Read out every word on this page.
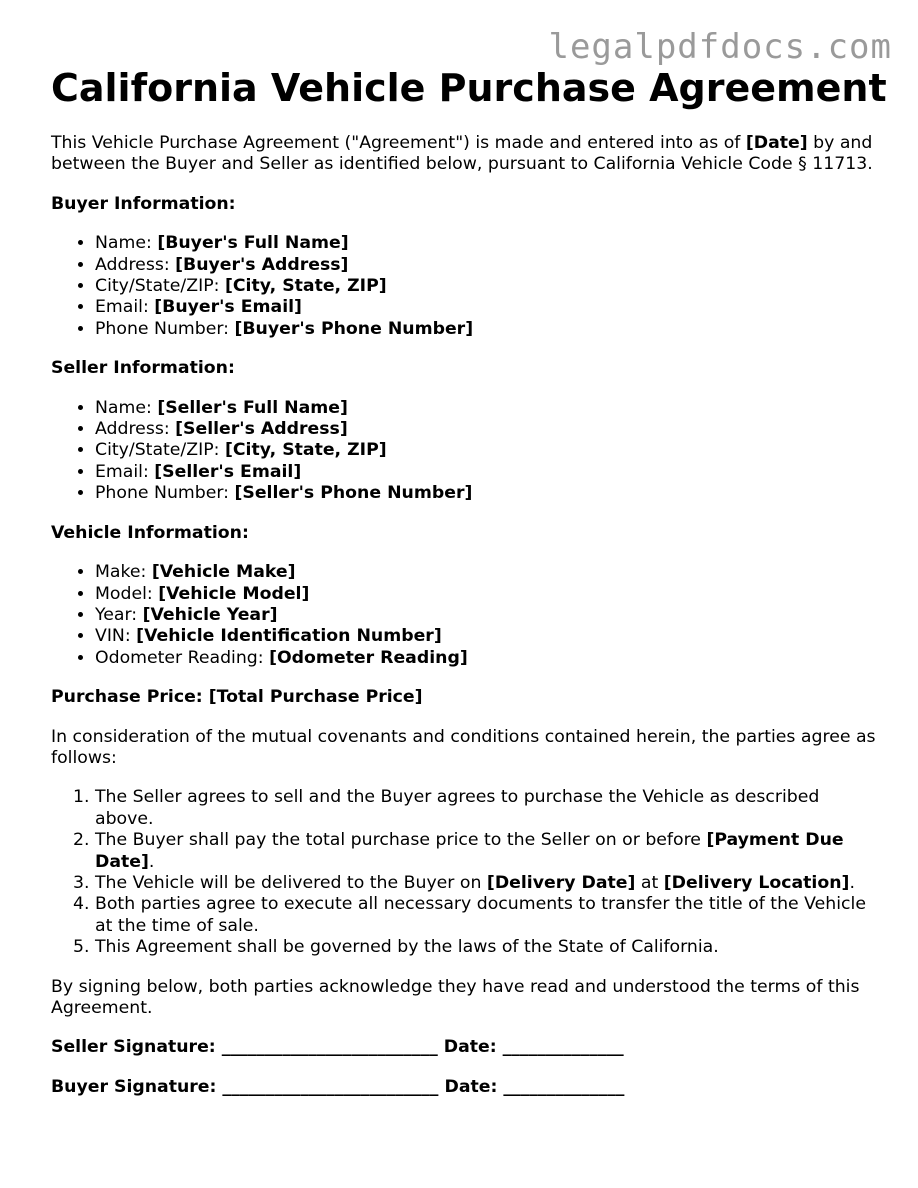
legalpdfdocs.com
California Vehicle Purchase Agreement

This Vehicle Purchase Agreement ("Agreement") is made and entered into as of [Date] by and between the Buyer and Seller as identified below, pursuant to California Vehicle Code § 11713.

Buyer Information:
• Name: [Buyer's Full Name]
• Address: [Buyer's Address]
• City/State/ZIP: [City, State, ZIP]
• Email: [Buyer's Email]
• Phone Number: [Buyer's Phone Number]
Seller Information:
• Name: [Seller's Full Name]
• Address: [Seller's Address]
• City/State/ZIP: [City, State, ZIP]
• Email: [Seller's Email]
• Phone Number: [Seller's Phone Number]
Vehicle Information:
• Make: [Vehicle Make]
• Model: [Vehicle Model]
• Year: [Vehicle Year]
• VIN: [Vehicle Identification Number]
• Odometer Reading: [Odometer Reading]
Purchase Price: [Total Purchase Price]

In consideration of the mutual covenants and conditions contained herein, the parties agree as follows:

1. The Seller agrees to sell and the Buyer agrees to purchase the Vehicle as described above.
2. The Buyer shall pay the total purchase price to the Seller on or before [Payment Due Date].
3. The Vehicle will be delivered to the Buyer on [Delivery Date] at [Delivery Location].
4. Both parties agree to execute all necessary documents to transfer the title of the Vehicle at the time of sale.
5. This Agreement shall be governed by the laws of the State of California.

By signing below, both parties acknowledge they have read and understood the terms of this Agreement.

Seller Signature: _________________________ Date: ______________
Buyer Signature: _________________________ Date: ______________
